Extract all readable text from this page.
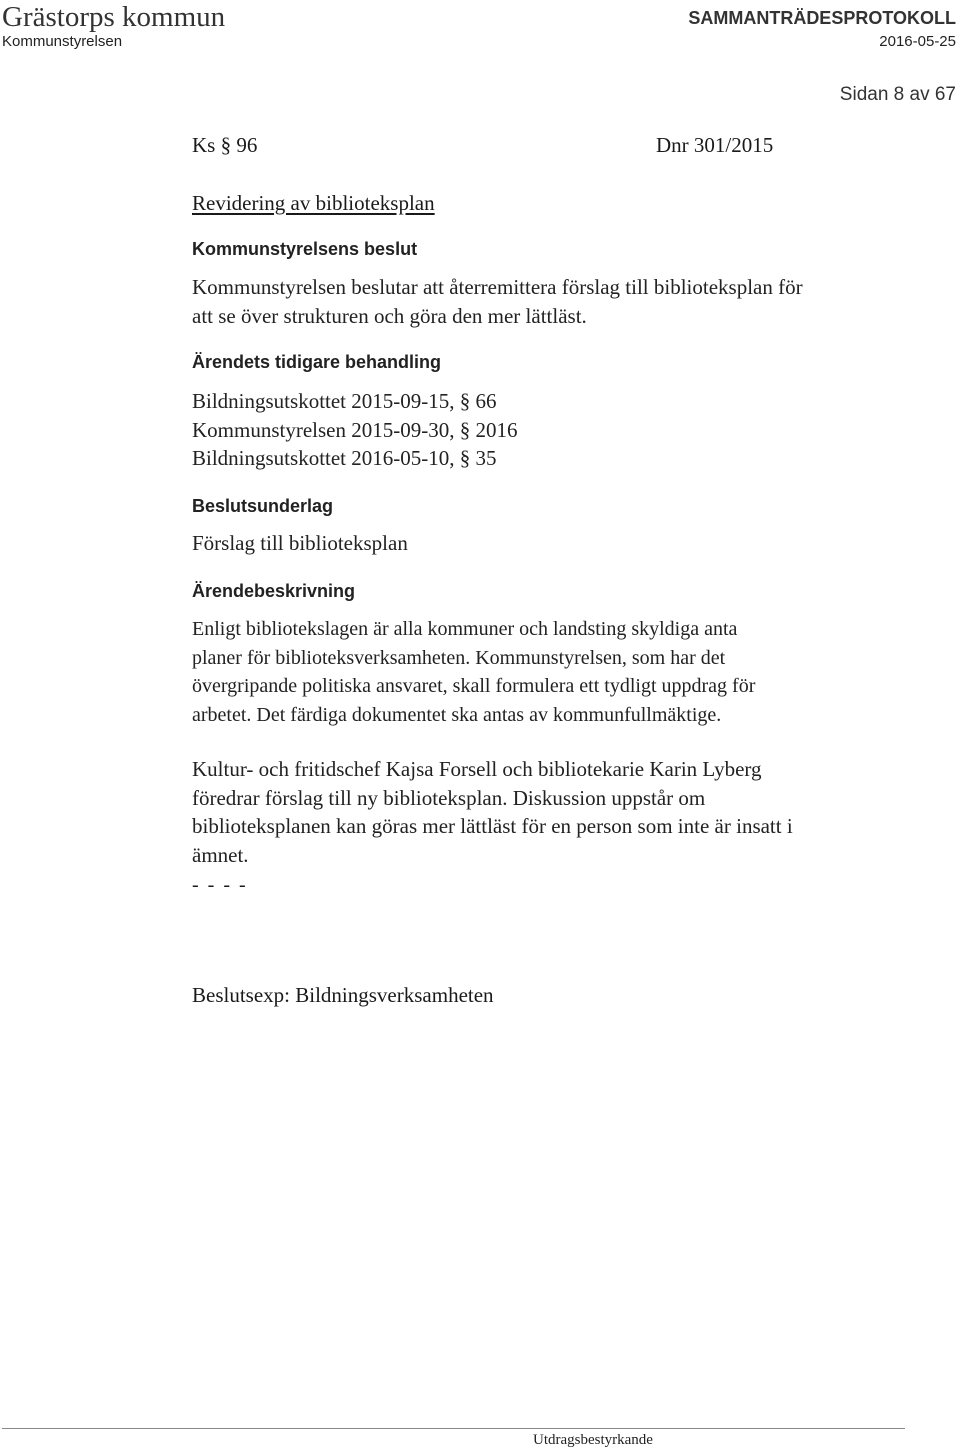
Grästorps kommun
Kommunstyrelsen
SAMMANTRÄDESPROTOKOLL
2016-05-25
Sidan 8 av 67
Ks § 96	Dnr 301/2015
Revidering av biblioteksplan
Kommunstyrelsens beslut
Kommunstyrelsen beslutar att återremittera förslag till biblioteksplan för
att se över strukturen och göra den mer lättläst.
Ärendets tidigare behandling
Bildningsutskottet 2015-09-15, § 66
Kommunstyrelsen 2015-09-30, § 2016
Bildningsutskottet 2016-05-10, § 35
Beslutsunderlag
Förslag till biblioteksplan
Ärendebeskrivning
Enligt bibliotekslagen är alla kommuner och landsting skyldiga anta
planer för biblioteksverksamheten. Kommunstyrelsen, som har det
övergripande politiska ansvaret, skall formulera ett tydligt uppdrag för
arbetet. Det färdiga dokumentet ska antas av kommunfullmäktige.
Kultur- och fritidschef Kajsa Forsell och bibliotekarie Karin Lyberg
föredrar förslag till ny biblioteksplan. Diskussion uppstår om
biblioteksplanen kan göras mer lättläst för en person som inte är insatt i
ämnet.
- - - -
Beslutsexp: Bildningsverksamheten
Utdragsbestyrkande
